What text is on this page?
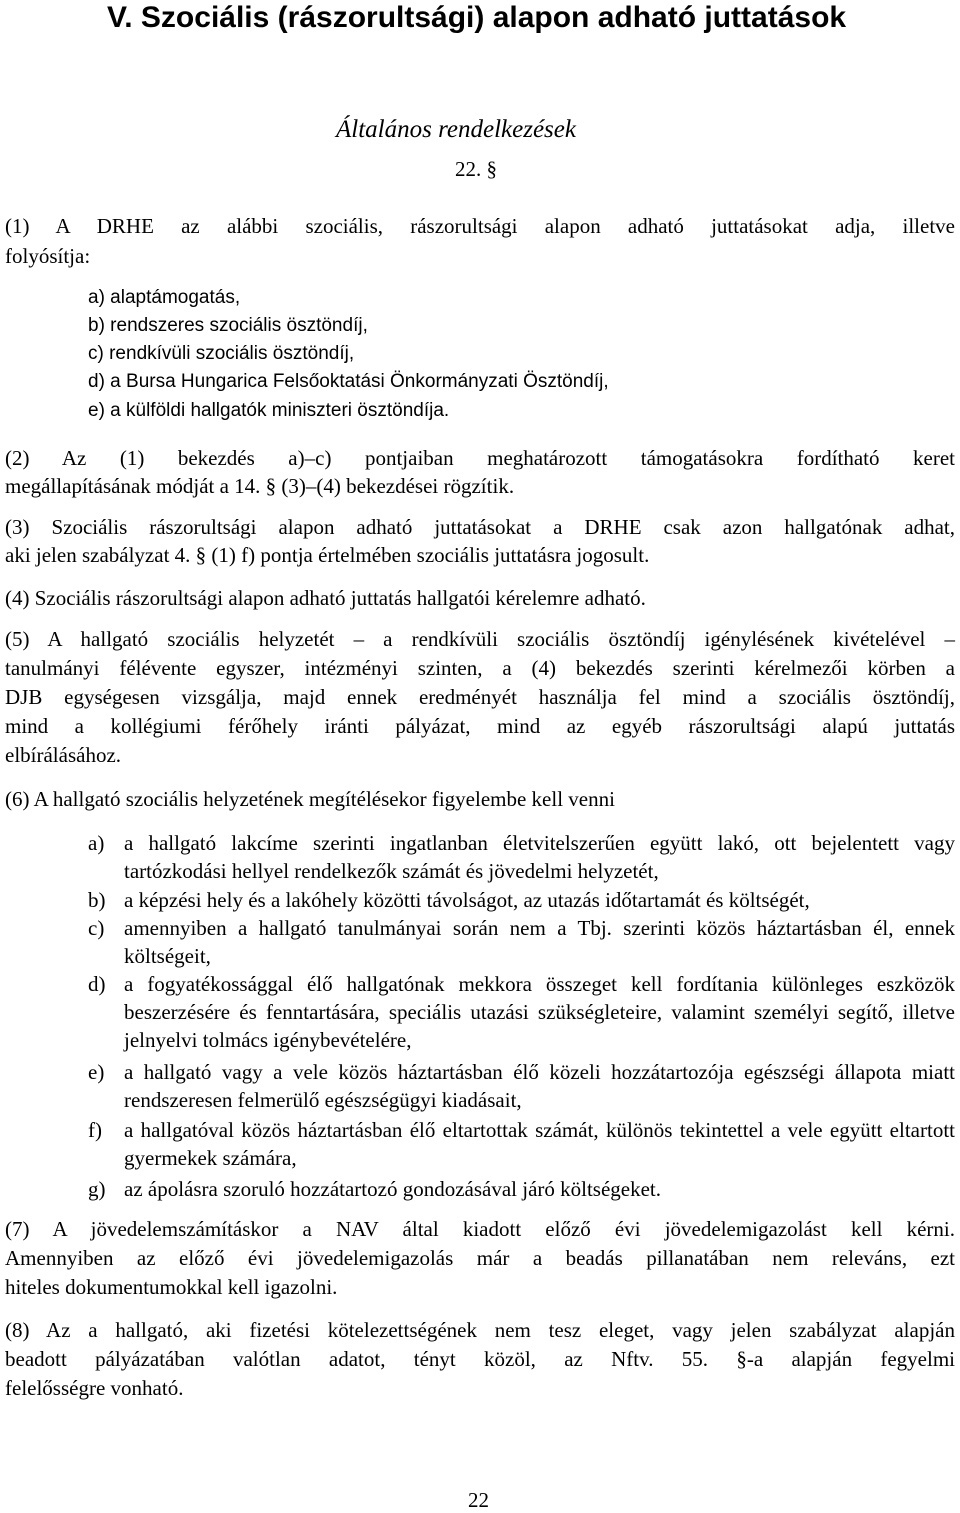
V. Szociális (rászorultsági) alapon adható juttatások
Általános rendelkezések
22. §
(1) A DRHE az alábbi szociális, rászorultsági alapon adható juttatásokat adja, illetve
folyósítja:
a) alaptámogatás,
b) rendszeres szociális ösztöndíj,
c) rendkívüli szociális ösztöndíj,
d) a Bursa Hungarica Felsőoktatási Önkormányzati Ösztöndíj,
e) a külföldi hallgatók miniszteri ösztöndíja.
(2) Az (1) bekezdés a)–c) pontjaiban meghatározott támogatásokra fordítható keret
megállapításának módját a 14. § (3)–(4) bekezdései rögzítik.
(3) Szociális rászorultsági alapon adható juttatásokat a DRHE csak azon hallgatónak adhat,
aki jelen szabályzat 4. § (1) f) pontja értelmében szociális juttatásra jogosult.
(4) Szociális rászorultsági alapon adható juttatás hallgatói kérelemre adható.
(5) A hallgató szociális helyzetét – a rendkívüli szociális ösztöndíj igénylésének kivételével –
tanulmányi félévente egyszer, intézményi szinten, a (4) bekezdés szerinti kérelmezői körben a
DJB egységesen vizsgálja, majd ennek eredményét használja fel mind a szociális ösztöndíj,
mind a kollégiumi férőhely iránti pályázat, mind az egyéb rászorultsági alapú juttatás
elbírálásához.
(6) A hallgató szociális helyzetének megítélésekor figyelembe kell venni
a) a hallgató lakcíme szerinti ingatlanban életvitelszerűen együtt lakó, ott bejelentett vagy tartózkodási hellyel rendelkezők számát és jövedelmi helyzetét,
b) a képzési hely és a lakóhely közötti távolságot, az utazás időtartamát és költségét,
c) amennyiben a hallgató tanulmányai során nem a Tbj. szerinti közös háztartásban él, ennek költségeit,
d) a fogyatékossággal élő hallgatónak mekkora összeget kell fordítania különleges eszközök beszerzésére és fenntartására, speciális utazási szükségleteire, valamint személyi segítő, illetve jelnyelvi tolmács igénybevételére,
e) a hallgató vagy a vele közös háztartásban élő közeli hozzátartozója egészségi állapota miatt rendszeresen felmerülő egészségügyi kiadásait,
f) a hallgatóval közös háztartásban élő eltartottak számát, különös tekintettel a vele együtt eltartott gyermekek számára,
g) az ápolásra szoruló hozzátartozó gondozásával járó költségeket.
(7) A jövedelemszámításkor a NAV által kiadott előző évi jövedelemigazolást kell kérni.
Amennyiben az előző évi jövedelemigazolás már a beadás pillanatában nem releváns, ezt
hiteles dokumentumokkal kell igazolni.
(8) Az a hallgató, aki fizetési kötelezettségének nem tesz eleget, vagy jelen szabályzat alapján
beadott pályázatában valótlan adatot, tényt közöl, az Nftv. 55. §-a alapján fegyelmi
felelősségre vonható.
22
